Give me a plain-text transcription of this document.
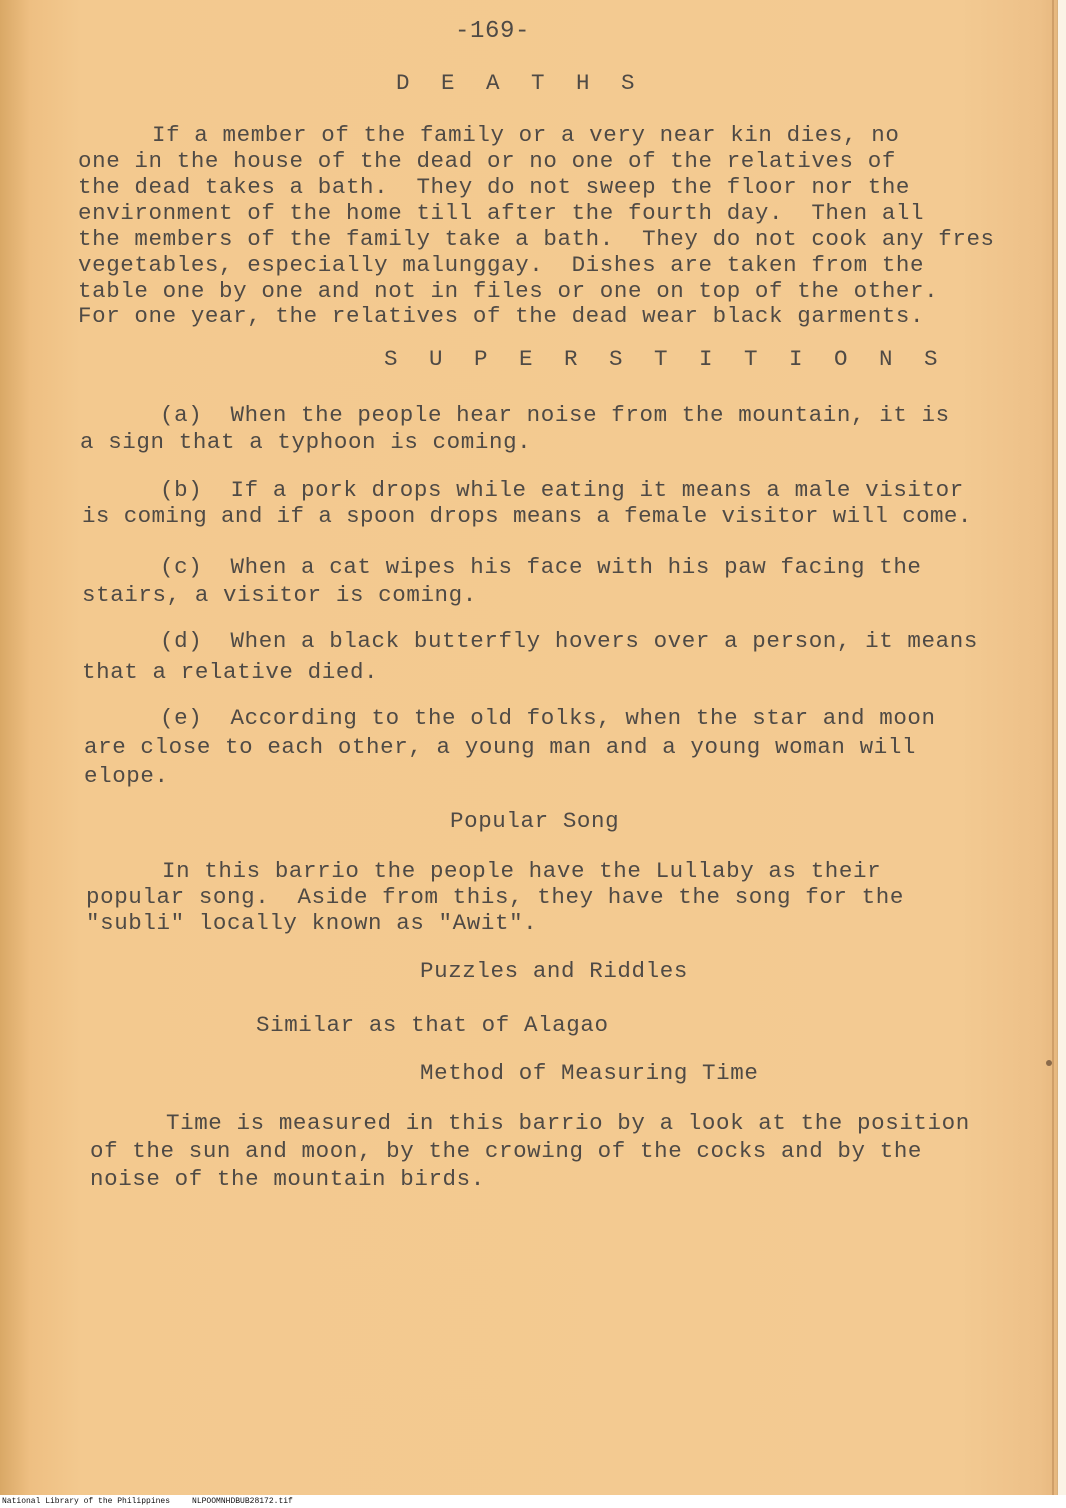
-169-
D E A T H S
If a member of the family or a very near kin dies, no
one in the house of the dead or no one of the relatives of
the dead takes a bath.  They do not sweep the floor nor the
environment of the home till after the fourth day.  Then all
the members of the family take a bath.  They do not cook any fres
vegetables, especially malunggay.  Dishes are taken from the
table one by one and not in files or one on top of the other.
For one year, the relatives of the dead wear black garments.
S U P E R S T I T I O N S
(a)  When the people hear noise from the mountain, it is
a sign that a typhoon is coming.
(b)  If a pork drops while eating it means a male visitor
is coming and if a spoon drops means a female visitor will come.
(c)  When a cat wipes his face with his paw facing the
stairs, a visitor is coming.
(d)  When a black butterfly hovers over a person, it means
that a relative died.
(e)  According to the old folks, when the star and moon
are close to each other, a young man and a young woman will
elope.
Popular Song
In this barrio the people have the Lullaby as their
popular song.  Aside from this, they have the song for the
"subli" locally known as "Awit".
Puzzles and Riddles
Similar as that of Alagao
Method of Measuring Time
Time is measured in this barrio by a look at the position
of the sun and moon, by the crowing of the cocks and by the
noise of the mountain birds.
National Library of the Philippines	NLPOOMNHDBUB28172.tif
